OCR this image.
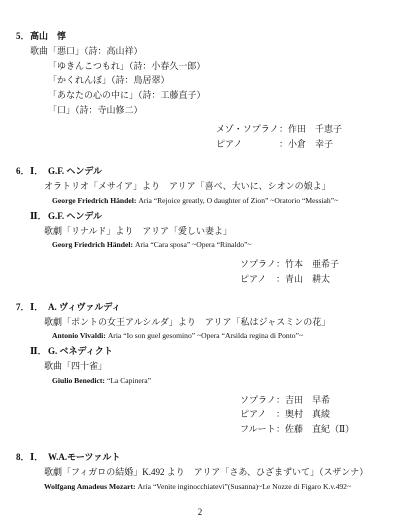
5．高山　惇
歌曲「悪口」（詩：高山祥）
「ゆきんこつもれ」（詩：小春久一郎）
「かくれんぼ」（詩：鳥居翠）
「あなたの心の中に」（詩：工藤直子）
「口」（詩：寺山修二）
メゾ・ソプラノ：作田　千恵子
ピアノ	：小倉　幸子
6．Ⅰ． G.F. ヘンデル
オラトリオ「メサイア」より　アリア「喜べ、大いに、シオンの娘よ」
George Friedrich Händel: Aria “Rejoice greatly, O daughter of Zion” ~Oratorio “Messiah”~
Ⅱ．G.F. ヘンデル
歌劇「リナルド」より　アリア「愛しい妻よ」
Georg Friedrich Händel: Aria “Cara sposa” ~Opera “Rinaldo”~
ソプラノ：竹本　亜希子
ピアノ ：青山　耕太
7．Ⅰ． A. ヴィヴァルディ
歌劇「ポントの女王アルシルダ」より　アリア「私はジャスミンの花」
Antonio Vivaldi: Aria “Io son guel gesomino” ~Opera “Arsilda regina di Ponto”~
Ⅱ．G. ベネディクト
歌曲「四十雀」
Giulio Benedict: “La Capinera”
ソプラノ：吉田　早希
ピアノ ：奥村　真綾
フルート：佐藤　直紀（Ⅱ）
8．Ⅰ． W.A.モーツァルト
歌劇「フィガロの結婚」K.492 より　アリア「さあ、ひざまずいて」（スザンナ）
Wolfgang Amadeus Mozart: Aria “Venite inginocchiatevi”(Susanna)~Le Nozze di Figaro K.v.492~
2
